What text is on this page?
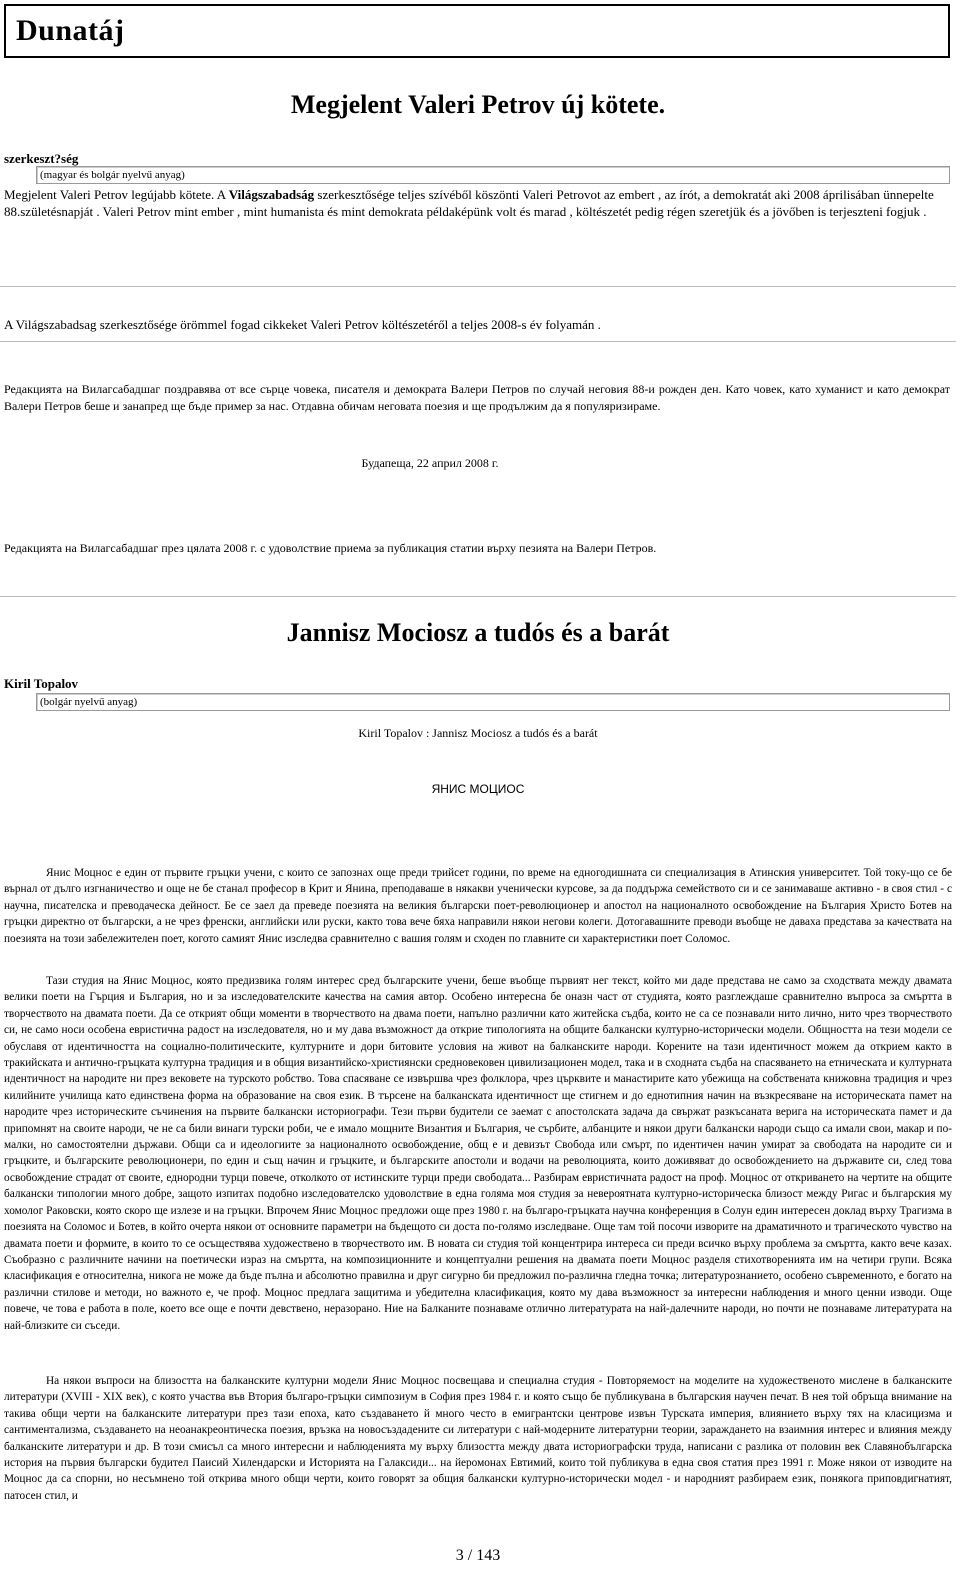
Dunatáj
Megjelent Valeri Petrov új kötete.
szerkeszt?ség
(magyar és bolgár nyelvű anyag)

Megjelent Valeri Petrov legújabb kötete. A Világszabadság szerkesztősége teljes szívéből köszönti Valeri Petrovot az embert , az írót, a demokratát aki 2008 áprilisában ünnepelte 88.születésnapját . Valeri Petrov mint ember , mint humanista és mint demokrata példaképünk volt és marad , költészetét pedig régen szeretjük és a jövőben is terjeszteni fogjuk .

A Világszabadsag szerkesztősége örömmel fogad cikkeket Valeri Petrov költészetéről a teljes 2008-s év folyamán .

Редакцията на Вилагсабадшаг поздравява от все сърце човека, писателя и демократа Валери Петров по случай неговия 88-и рожден ден. Като човек, като хуманист и като демократ Валери Петров беше и занапред ще бъде пример за нас. Отдавна обичам неговата поезия и ще продължим да я популяризираме.

Будапеща, 22 април 2008 г.

Редакцията на Вилагсабадшаг през цялата 2008 г. с удоволствие приема за публикация статии върху пезията на Валери Петров.

Jannisz Mociosz a tudós és a barát
Kiril Topalov
(bolgár nyelvű anyag)

Kiril Topalov : Jannisz Mociosz a tudós és a barát

ЯНИС МОЦИОС

Янис Моцнос е един от първите гръцки учени, с които се запознах още преди трийсет години, по време на едногодишната си специализация в Атинския университет. Той току-що се бе върнал от дълго изгнаничество и още не бе станал професор в Крит и Янина, преподаваше в някакви ученически курсове, за да поддържа семейството си и се занимаваше активно - в своя стил - с научна, писателска и преводаческа дейност. Бе се заел да преведе поезията на великия български поет-революционер и апостол на националното освобождение на България Христо Ботев на гръцки директно от български, а не чрез френски, английски или руски, както това вече бяха направили някои негови колеги. Дотогавашните преводи въобще не даваха представа за качествата на поезията на този забележителен поет, когото самият Янис изследва сравнително с вашия голям и сходен по главните си характеристики поет Соломос.

Тази студия на Янис Моцнос, която предизвика голям интерес сред българските учени, беше въобще първият нег текст, който ми даде представа не само за сходствата между двамата велики поети на Гърция и България, но и за изследователските качества на самия автор. Особено интересна бе оназн част от студията, която разглеждаше сравнително въпроса за смъртта в творчеството на двамата поети. Да се открият общи моменти в творчеството на двама поети, напълно различни като житейска съдба, които не са се познавали нито лично, нито чрез творчеството си, не само носи особена евристична радост на изследователя, но и му дава възможност да открие типологията на общите балкански културно-исторически модели. Общността на тези модели се обуславя от идентичността на социално-политическите, културните и дори битовите условия на живот на балканските народи. Корените на тази идентичност можем да открием както в тракийската и антично-гръцката културна традиция и в общия византийско-християнски средновековен цивилизационен модел, така и в сходната съдба на спасяването на етническата и културната идентичност на народите ни през вековете на турското робство. Това спасяване се извършва чрез фолклора, чрез църквите и манастирите като убежища на собствената книжовна традиция и чрез килийните училища като единствена форма на образование на своя език. В търсене на балканската идентичност ще стигнем и до еднотипния начин на възкресяване на историческата памет на народите чрез историческите съчинения на първите балкански историографи. Тези първи будители се заемат с апостолската задача да свържат разкъсаната верига на историческата памет и да припомнят на своите народи, че не са били винаги турски роби, че е имало мощните Византия и България, че сърбите, албанците и някои други балкански народи също са имали свои, макар и по-малки, но самостоятелни държави. Общи са и идеологиите за националното освобождение, общ е и девизът Свобода или смърт, по идентичен начин умират за свободата на народите си и гръцките, и българските революционери, по един и същ начин и гръцките, и българските апостоли и водачи на революцията, които доживяват до освобождението на държавите си, след това освобождение страдат от своите, еднородни турци повече, отколкото от истинските турци преди свободата... Разбирам евристичната радост на проф. Моцнос от откриването на чертите на общите балкански типологии много добре, защото изпитах подобно изследователско удоволствие в една голяма моя студия за невероятната културно-историческа близост между Ригас и българския му хомолог Раковски, която скоро ще излезе и на гръцки. Впрочем Янис Моцнос предложи още през 1980 г. на българо-гръцката научна конференция в Солун един интересен доклад върху Трагизма в поезията на Соломос и Ботев, в който очерта някои от основните параметри на бъдещото си доста по-голямо изследване. Още там той посочи изворите на драматичното и трагическото чувство на двамата поети и формите, в които то се осъществява художествено в творчеството им. В новата си студия той концентрира интереса си преди всичко върху проблема за смъртта, както вече казах. Съобразно с различните начини на поетически израз на смъртта, на композиционните и концептуални решения на двамата поети Моцнос разделя стихотворенията им на четири групи. Всяка класификация е относителна, никога не може да бъде пълна и абсолютно правилна и друг сигурно би предложил по-различна гледна точка; литературознанието, особено съвременното, е богато на различни стилове и методи, но важното е, че проф. Моцнос предлага защитима и убедителна класификация, която му дава възможност за интересни наблюдения и много ценни изводи. Още повече, че това е работа в поле, което все още е почти девствено, неразорано. Ние на Балканите познаваме отлично литературата на най-далечните народи, но почти не познаваме литературата на най-близките си съседи.

На някои въпроси на близостта на балканските културни модели Янис Моцнос посвещава и специална студия - Повторяемост на моделите на художественото мислене в балканските литератури (XVIII - XIX век), с която участва във Втория българо-гръцки симпозиум в София през 1984 г. и която също бе публикувана в българския научен печат. В нея той обръща внимание на такива общи черти на балканските литератури през тази епоха, като създаването й много често в емигрантски центрове извън Турската империя, влиянието върху тях на класицизма и сантиментализма, създаването на неоанакреонтическа поезия, връзка на новосъздадените си литератури с най-модерните литературни теории, зараждането на взаимния интерес и влияния между балканските литератури и др. В този смисъл са много интересни и наблюденията му върху близостта между двата историографски труда, написани с разлика от половин век Славянобългарска история на първия български будител Паисий Хилендарски и Историята на Галаксиди... на йеромонах Евтимий, които той публикува в една своя статия през 1991 г. Може някои от изводите на Моцнос да са спорни, но несъмнено той открива много общи черти, които говорят за общия балкански културно-исторически модел - и народният разбираем език, понякога приповдигнатият, патосен стил, и

3 / 143
